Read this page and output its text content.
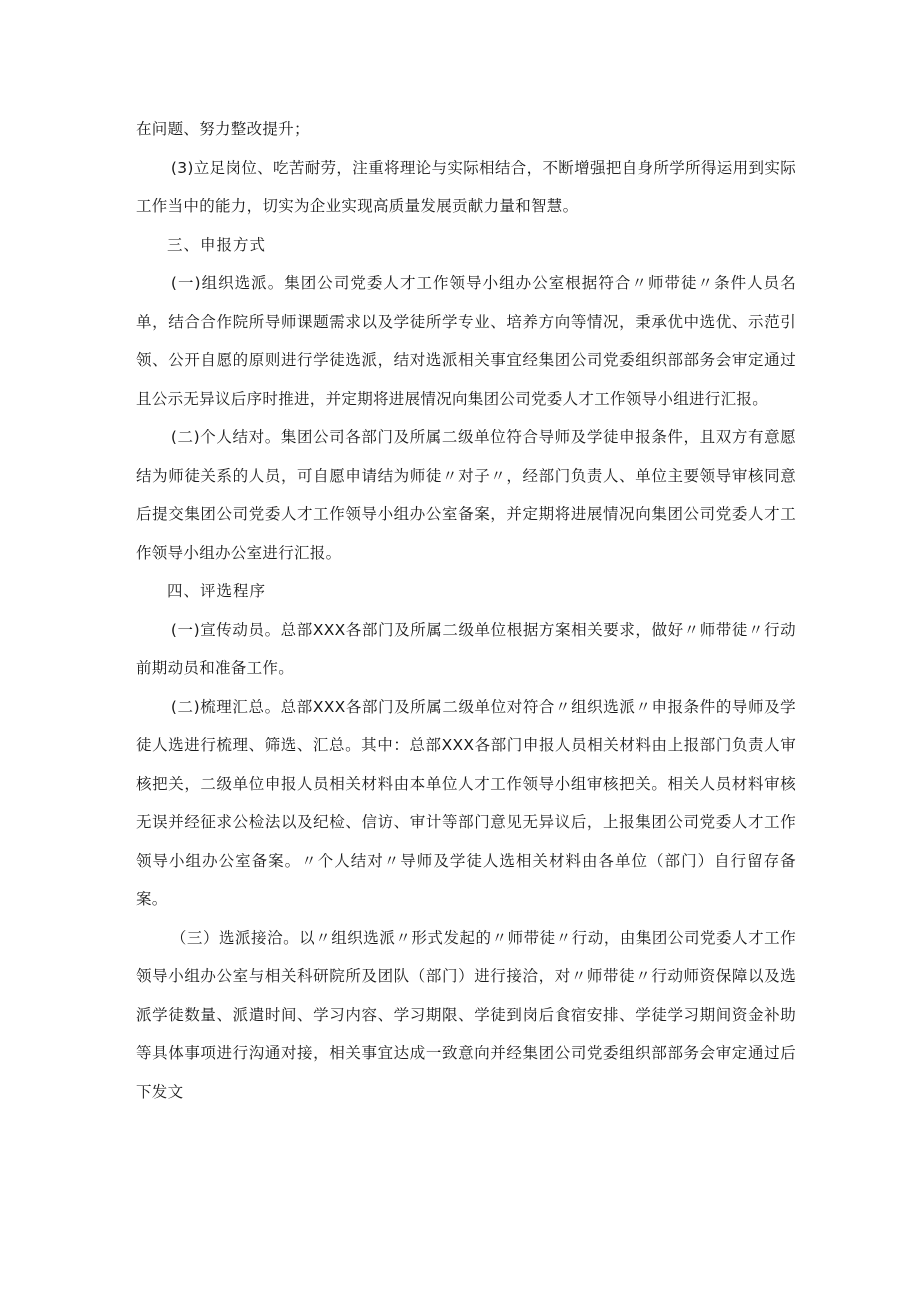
在问题、努力整改提升；

(3)立足岗位、吃苦耐劳，注重将理论与实际相结合，不断增强把自身所学所得运用到实际工作当中的能力，切实为企业实现高质量发展贡献力量和智慧。

三、申报方式

(一)组织选派。集团公司党委人才工作领导小组办公室根据符合〃师带徒〃条件人员名单，结合合作院所导师课题需求以及学徒所学专业、培养方向等情况，秉承优中选优、示范引领、公开自愿的原则进行学徒选派，结对选派相关事宜经集团公司党委组织部部务会审定通过且公示无异议后序时推进，并定期将进展情况向集团公司党委人才工作领导小组进行汇报。

(二)个人结对。集团公司各部门及所属二级单位符合导师及学徒申报条件，且双方有意愿结为师徒关系的人员，可自愿申请结为师徒〃对子〃，经部门负责人、单位主要领导审核同意后提交集团公司党委人才工作领导小组办公室备案，并定期将进展情况向集团公司党委人才工作领导小组办公室进行汇报。

四、评选程序

(一)宣传动员。总部XXX各部门及所属二级单位根据方案相关要求，做好〃师带徒〃行动前期动员和准备工作。

(二)梳理汇总。总部XXX各部门及所属二级单位对符合〃组织选派〃申报条件的导师及学徒人选进行梳理、筛选、汇总。其中：总部XXX各部门申报人员相关材料由上报部门负责人审核把关，二级单位申报人员相关材料由本单位人才工作领导小组审核把关。相关人员材料审核无误并经征求公检法以及纪检、信访、审计等部门意见无异议后，上报集团公司党委人才工作领导小组办公室备案。〃个人结对〃导师及学徒人选相关材料由各单位（部门）自行留存备案。

（三）选派接洽。以〃组织选派〃形式发起的〃师带徒〃行动，由集团公司党委人才工作领导小组办公室与相关科研院所及团队（部门）进行接洽，对〃师带徒〃行动师资保障以及选派学徒数量、派遣时间、学习内容、学习期限、学徒到岗后食宿安排、学徒学习期间资金补助等具体事项进行沟通对接，相关事宜达成一致意向并经集团公司党委组织部部务会审定通过后下发文
